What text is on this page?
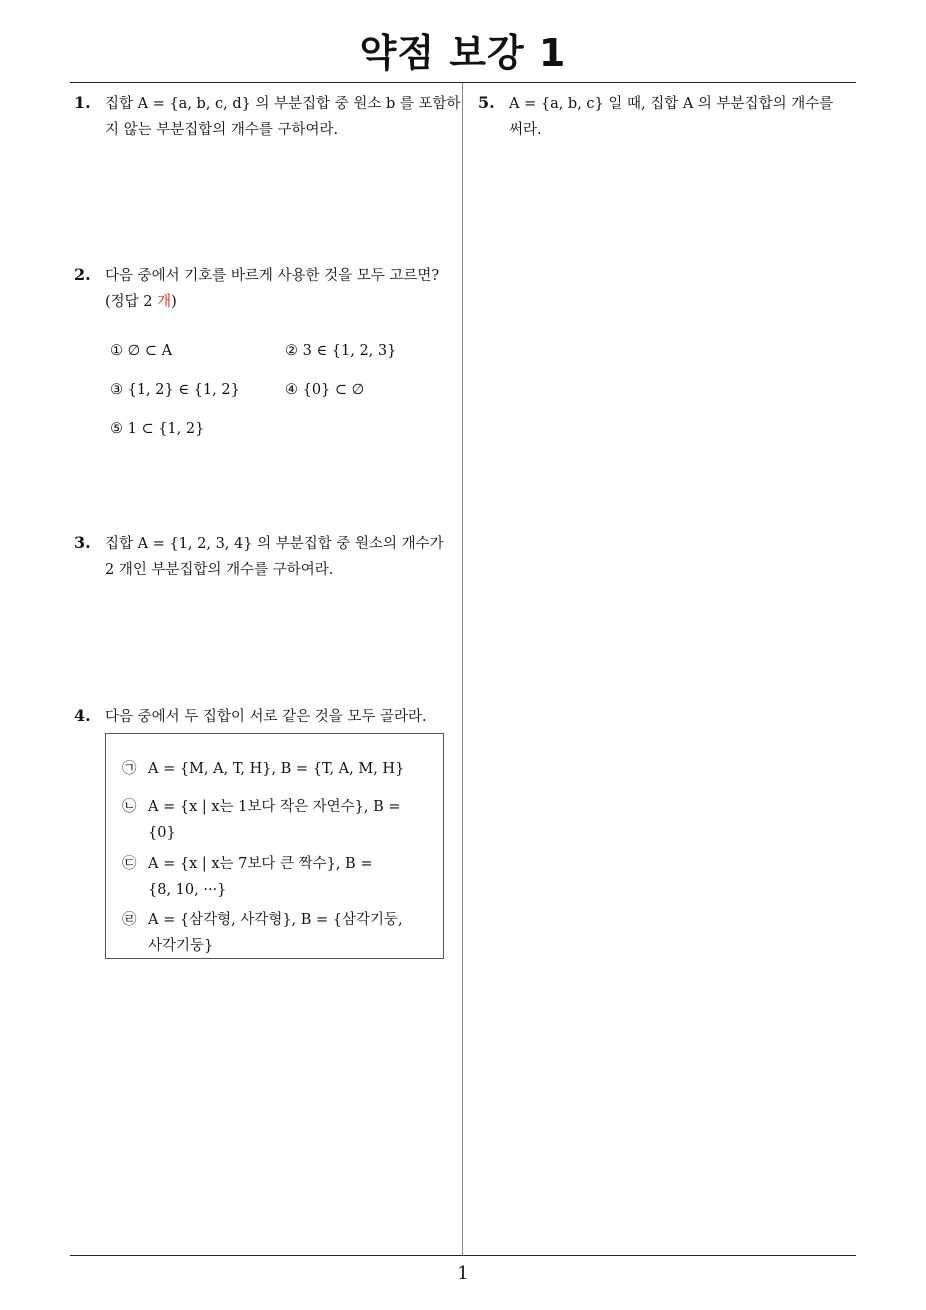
약점 보강 1
1. 집합 A = {a, b, c, d} 의 부분집합 중 원소 b 를 포함하
지 않는 부분집합의 개수를 구하여라.
2. 다음 중에서 기호를 바르게 사용한 것을 모두 고르면?
(정답 2 개)
① ∅ ⊂ A	② 3 ∈ {1, 2, 3}
③ {1, 2} ∈ {1, 2}	④ {0} ⊂ ∅
⑤ 1 ⊂ {1, 2}
3. 집합 A = {1, 2, 3, 4} 의 부분집합 중 원소의 개수가
2 개인 부분집합의 개수를 구하여라.
4. 다음 중에서 두 집합이 서로 같은 것을 모두 골라라.
㉠ A = {M, A, T, H}, B = {T, A, M, H}
㉡ A = {x | x는 1보다 작은 자연수}, B =
{0}
㉢ A = {x | x는 7보다 큰 짝수}, B =
{8, 10, ···}
㉣ A = {삼각형, 사각형}, B = {삼각기둥,
사각기둥}
5. A = {a, b, c} 일 때, 집합 A 의 부분집합의 개수를
써라.
1
